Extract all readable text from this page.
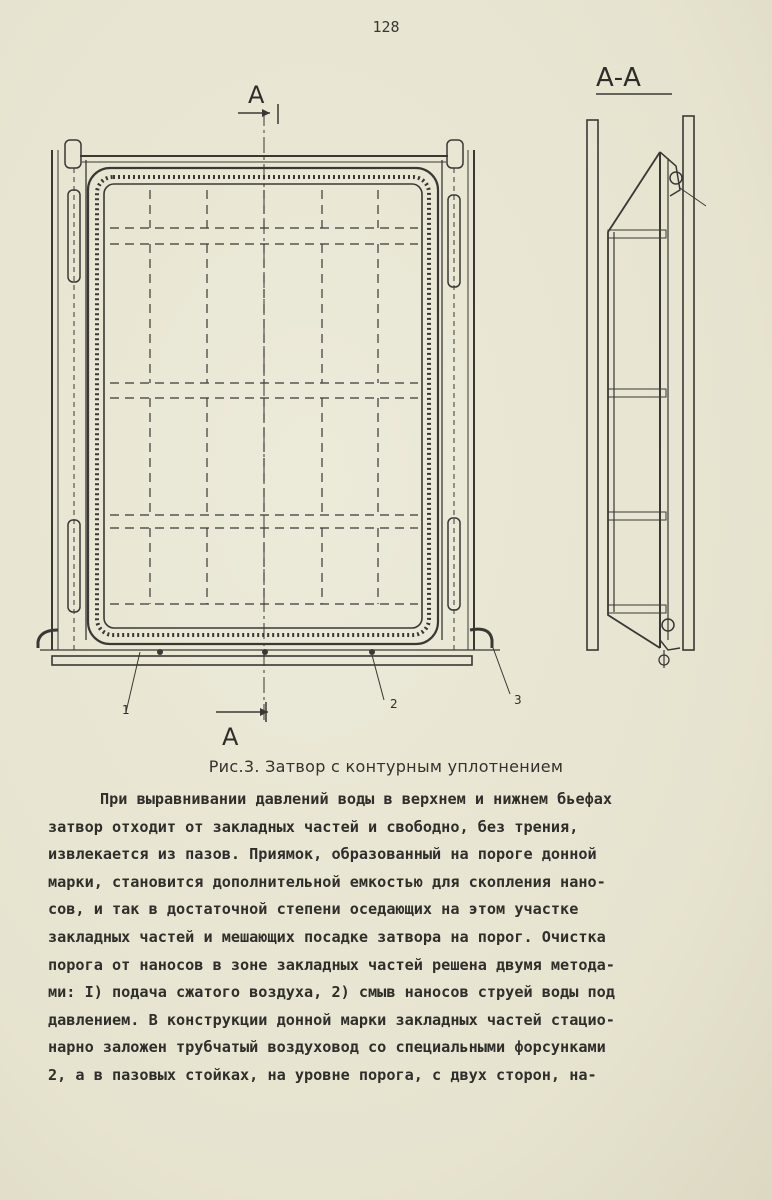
128
A
A
1	2	3
А-А
Рис.3. Затвор с контурным уплотнением
При выравнивании давлений воды в верхнем и нижнем бьефах
затвор отходит от закладных частей и свободно, без трения,
извлекается из пазов. Приямок, образованный на пороге донной
марки, становится дополнительной емкостью для скопления нано-
сов, и так в достаточной степени оседающих на этом участке
закладных частей и мешающих посадке затвора на порог. Очистка
порога от наносов в зоне закладных частей решена двумя метода-
ми: I) подача сжатого воздуха, 2) смыв наносов струей воды под
давлением. В конструкции донной марки закладных частей стацио-
нарно заложен трубчатый воздуховод со специальными форсунками
2, а в пазовых стойках, на уровне порога, с двух сторон, на-
